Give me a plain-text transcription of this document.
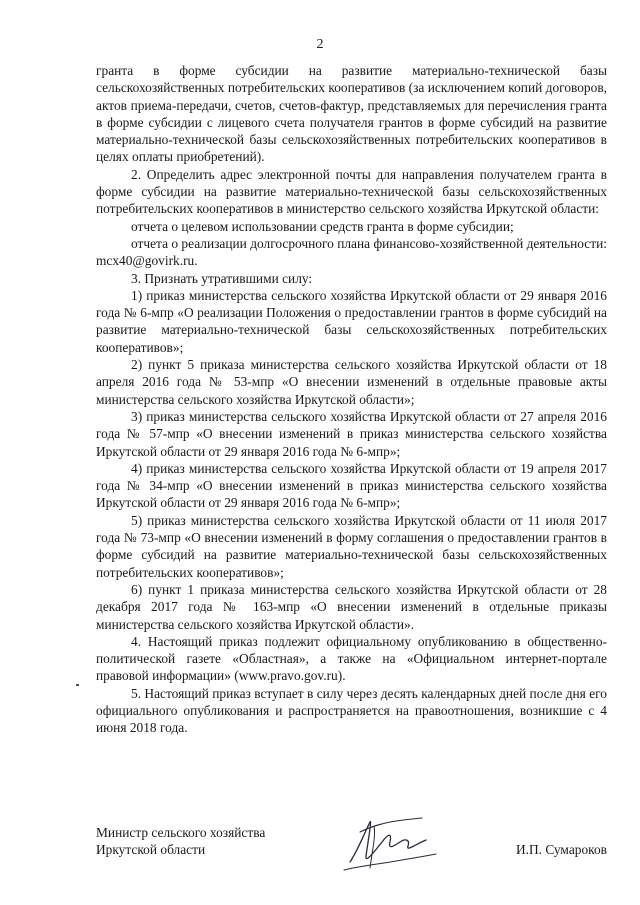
2

гранта в форме субсидии на развитие материально-технической базы сельскохозяйственных потребительских кооперативов (за исключением копий договоров, актов приема-передачи, счетов, счетов-фактур, представляемых для перечисления гранта в форме субсидии с лицевого счета получателя грантов в форме субсидий на развитие материально-технической базы сельскохозяйственных потребительских кооперативов в целях оплаты приобретений).

2. Определить адрес электронной почты для направления получателем гранта в форме субсидии на развитие материально-технической базы сельскохозяйственных потребительских кооперативов в министерство сельского хозяйства Иркутской области:

отчета о целевом использовании средств гранта в форме субсидии;

отчета о реализации долгосрочного плана финансово-хозяйственной деятельности: mcx40@govirk.ru.

3. Признать утратившими силу:

1) приказ министерства сельского хозяйства Иркутской области от 29 января 2016 года № 6-мпр «О реализации Положения о предоставлении грантов в форме субсидий на развитие материально-технической базы сельскохозяйственных потребительских кооперативов»;

2) пункт 5 приказа министерства сельского хозяйства Иркутской области от 18 апреля 2016 года № 53-мпр «О внесении изменений в отдельные правовые акты министерства сельского хозяйства Иркутской области»;

3) приказ министерства сельского хозяйства Иркутской области от 27 апреля 2016 года № 57-мпр «О внесении изменений в приказ министерства сельского хозяйства Иркутской области от 29 января 2016 года № 6-мпр»;

4) приказ министерства сельского хозяйства Иркутской области от 19 апреля 2017 года № 34-мпр «О внесении изменений в приказ министерства сельского хозяйства Иркутской области от 29 января 2016 года № 6-мпр»;

5) приказ министерства сельского хозяйства Иркутской области от 11 июля 2017 года № 73-мпр «О внесении изменений в форму соглашения о предоставлении грантов в форме субсидий на развитие материально-технической базы сельскохозяйственных потребительских кооперативов»;

6) пункт 1 приказа министерства сельского хозяйства Иркутской области от 28 декабря 2017 года № 163-мпр «О внесении изменений в отдельные приказы министерства сельского хозяйства Иркутской области».

4. Настоящий приказ подлежит официальному опубликованию в общественно-политической газете «Областная», а также на «Официальном интернет-портале правовой информации» (www.pravo.gov.ru).

5. Настоящий приказ вступает в силу через десять календарных дней после дня его официального опубликования и распространяется на правоотношения, возникшие с 4 июня 2018 года.

Министр сельского хозяйства
Иркутской области	И.П. Сумароков
